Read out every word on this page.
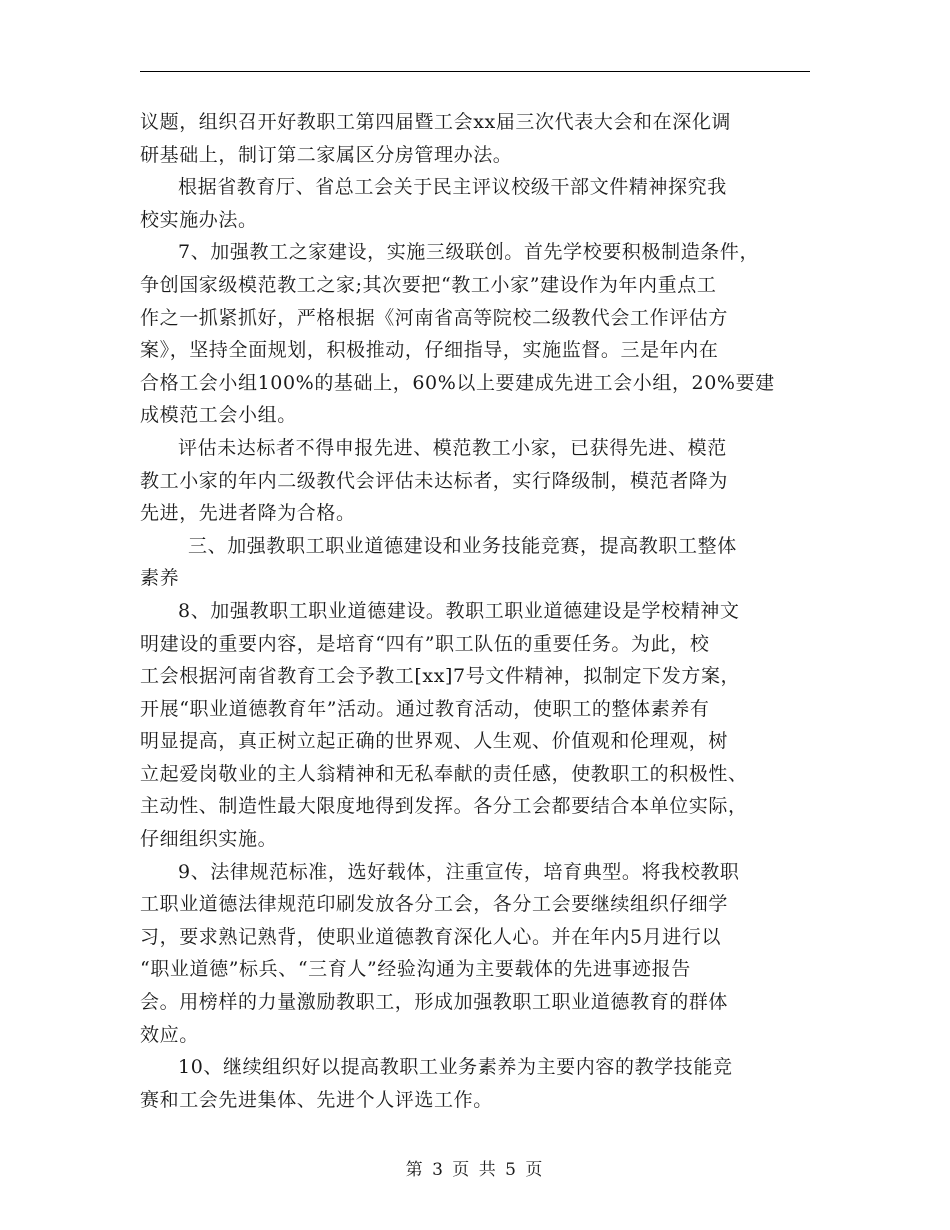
议题，组织召开好教职工第四届暨工会xx届三次代表大会和在深化调
研基础上，制订第二家属区分房管理办法。

根据省教育厅、省总工会关于民主评议校级干部文件精神探究我
校实施办法。

7、加强教工之家建设，实施三级联创。首先学校要积极制造条件，
争创国家级模范教工之家;其次要把“教工小家”建设作为年内重点工
作之一抓紧抓好，严格根据《河南省高等院校二级教代会工作评估方
案》，坚持全面规划，积极推动，仔细指导，实施监督。三是年内在
合格工会小组100%的基础上，60%以上要建成先进工会小组，20%要建
成模范工会小组。

评估未达标者不得申报先进、模范教工小家，已获得先进、模范
教工小家的年内二级教代会评估未达标者，实行降级制，模范者降为
先进，先进者降为合格。

三、加强教职工职业道德建设和业务技能竞赛，提高教职工整体
素养

8、加强教职工职业道德建设。教职工职业道德建设是学校精神文
明建设的重要内容，是培育“四有”职工队伍的重要任务。为此，校
工会根据河南省教育工会予教工[xx]7号文件精神，拟制定下发方案，
开展“职业道德教育年”活动。通过教育活动，使职工的整体素养有
明显提高，真正树立起正确的世界观、人生观、价值观和伦理观，树
立起爱岗敬业的主人翁精神和无私奉献的责任感，使教职工的积极性、
主动性、制造性最大限度地得到发挥。各分工会都要结合本单位实际，
仔细组织实施。

9、法律规范标准，选好载体，注重宣传，培育典型。将我校教职
工职业道德法律规范印刷发放各分工会，各分工会要继续组织仔细学
习，要求熟记熟背，使职业道德教育深化人心。并在年内5月进行以
“职业道德”标兵、“三育人”经验沟通为主要载体的先进事迹报告
会。用榜样的力量激励教职工，形成加强教职工职业道德教育的群体
效应。

10、继续组织好以提高教职工业务素养为主要内容的教学技能竞
赛和工会先进集体、先进个人评选工作。

第 3 页 共 5 页
